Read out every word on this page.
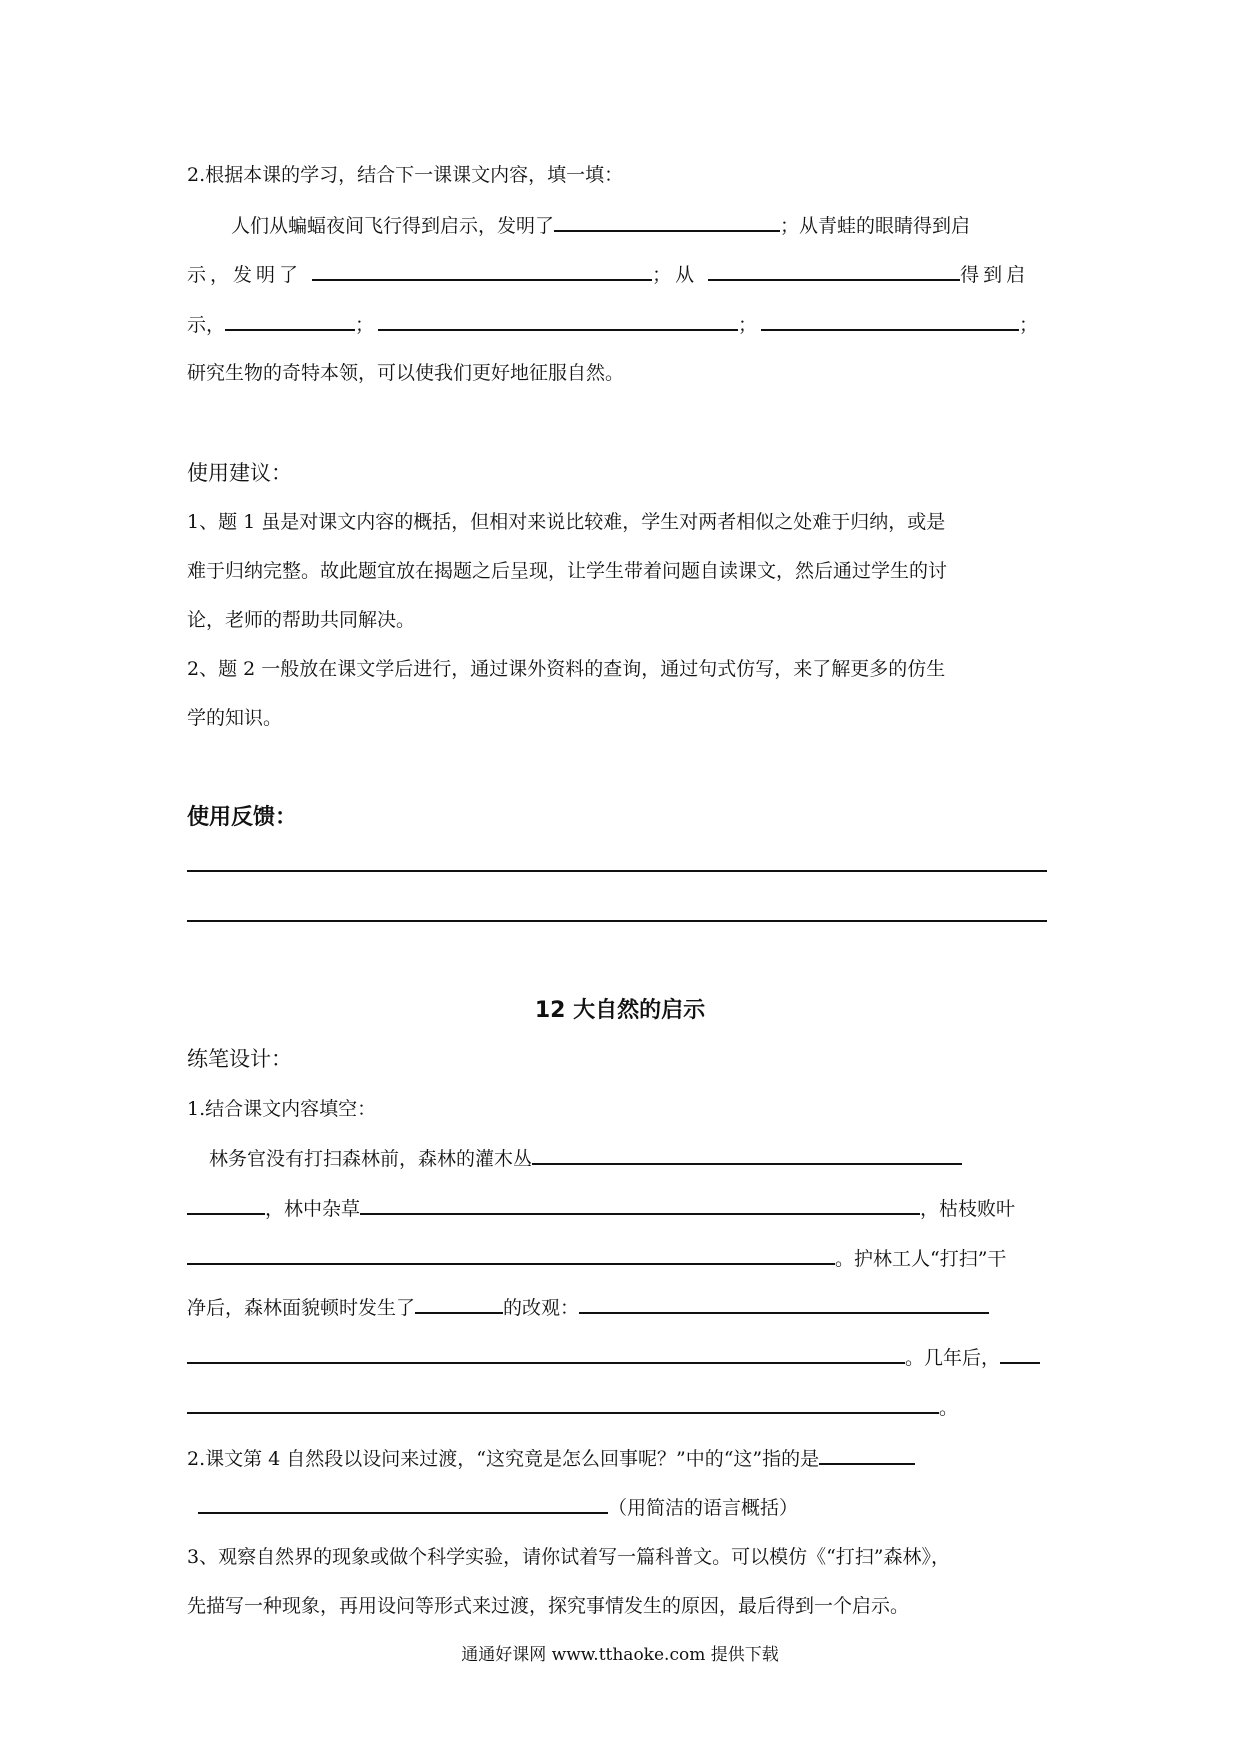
2.根据本课的学习，结合下一课课文内容，填一填：
人们从蝙蝠夜间飞行得到启示，发明了	；从青蛙的眼睛得到启
示，发明了	；从	得到启
示，	；	；	；
研究生物的奇特本领，可以使我们更好地征服自然。
使用建议：
1、题 1 虽是对课文内容的概括，但相对来说比较难，学生对两者相似之处难于归纳，或是
难于归纳完整。故此题宜放在揭题之后呈现，让学生带着问题自读课文，然后通过学生的讨
论，老师的帮助共同解决。
2、题 2 一般放在课文学后进行，通过课外资料的查询，通过句式仿写，来了解更多的仿生
学的知识。
使用反馈：
12 大自然的启示
练笔设计：
1.结合课文内容填空：
林务官没有打扫森林前，森林的灌木丛
，林中杂草	，枯枝败叶
。护林工人“打扫”干
净后，森林面貌顿时发生了	的改观：
。几年后，
。
2.课文第 4 自然段以设问来过渡，“这究竟是怎么回事呢？”中的“这”指的是
（用简洁的语言概括）
3、观察自然界的现象或做个科学实验，请你试着写一篇科普文。可以模仿《“打扫”森林》，
先描写一种现象，再用设问等形式来过渡，探究事情发生的原因，最后得到一个启示。
通通好课网 www.tthaoke.com 提供下载
